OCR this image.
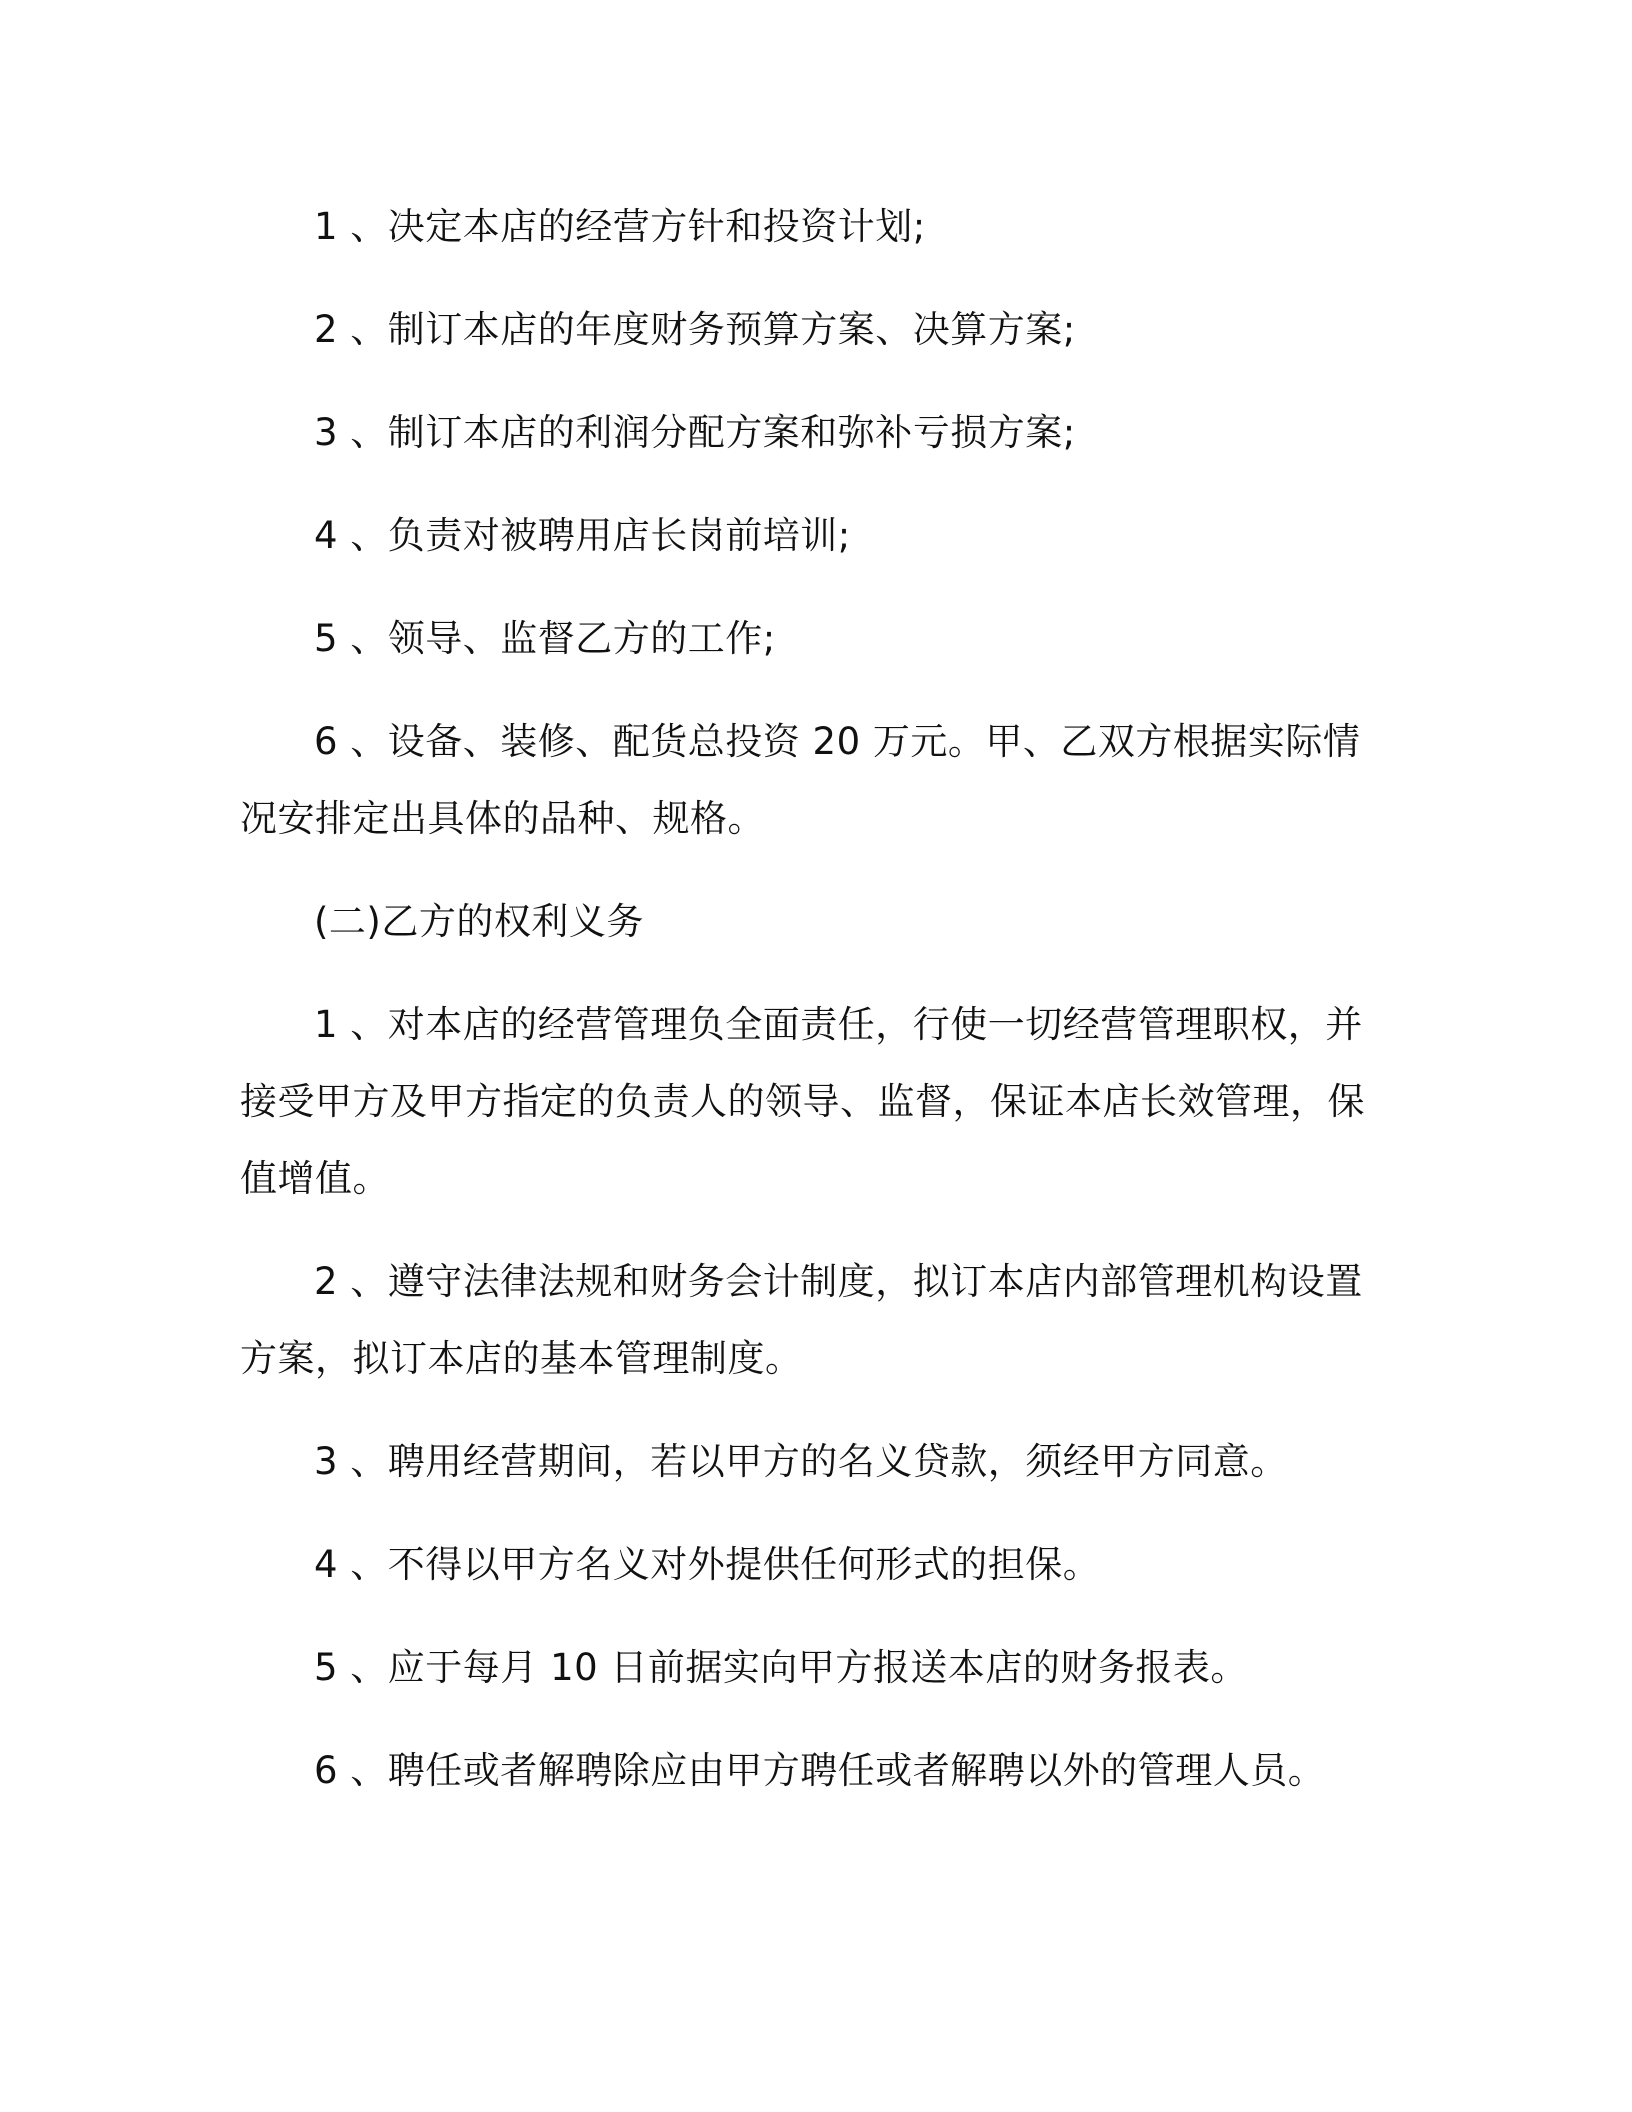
1 、决定本店的经营方针和投资计划;

2 、制订本店的年度财务预算方案、决算方案;

3 、制订本店的利润分配方案和弥补亏损方案;

4 、负责对被聘用店长岗前培训;

5 、领导、监督乙方的工作;

6 、设备、装修、配货总投资 20 万元。甲、乙双方根据实际情况安排定出具体的品种、规格。

(二)乙方的权利义务

1 、对本店的经营管理负全面责任，行使一切经营管理职权，并接受甲方及甲方指定的负责人的领导、监督，保证本店长效管理，保值增值。

2 、遵守法律法规和财务会计制度，拟订本店内部管理机构设置方案，拟订本店的基本管理制度。

3 、聘用经营期间，若以甲方的名义贷款，须经甲方同意。

4 、不得以甲方名义对外提供任何形式的担保。

5 、应于每月 10 日前据实向甲方报送本店的财务报表。

6 、聘任或者解聘除应由甲方聘任或者解聘以外的管理人员。
